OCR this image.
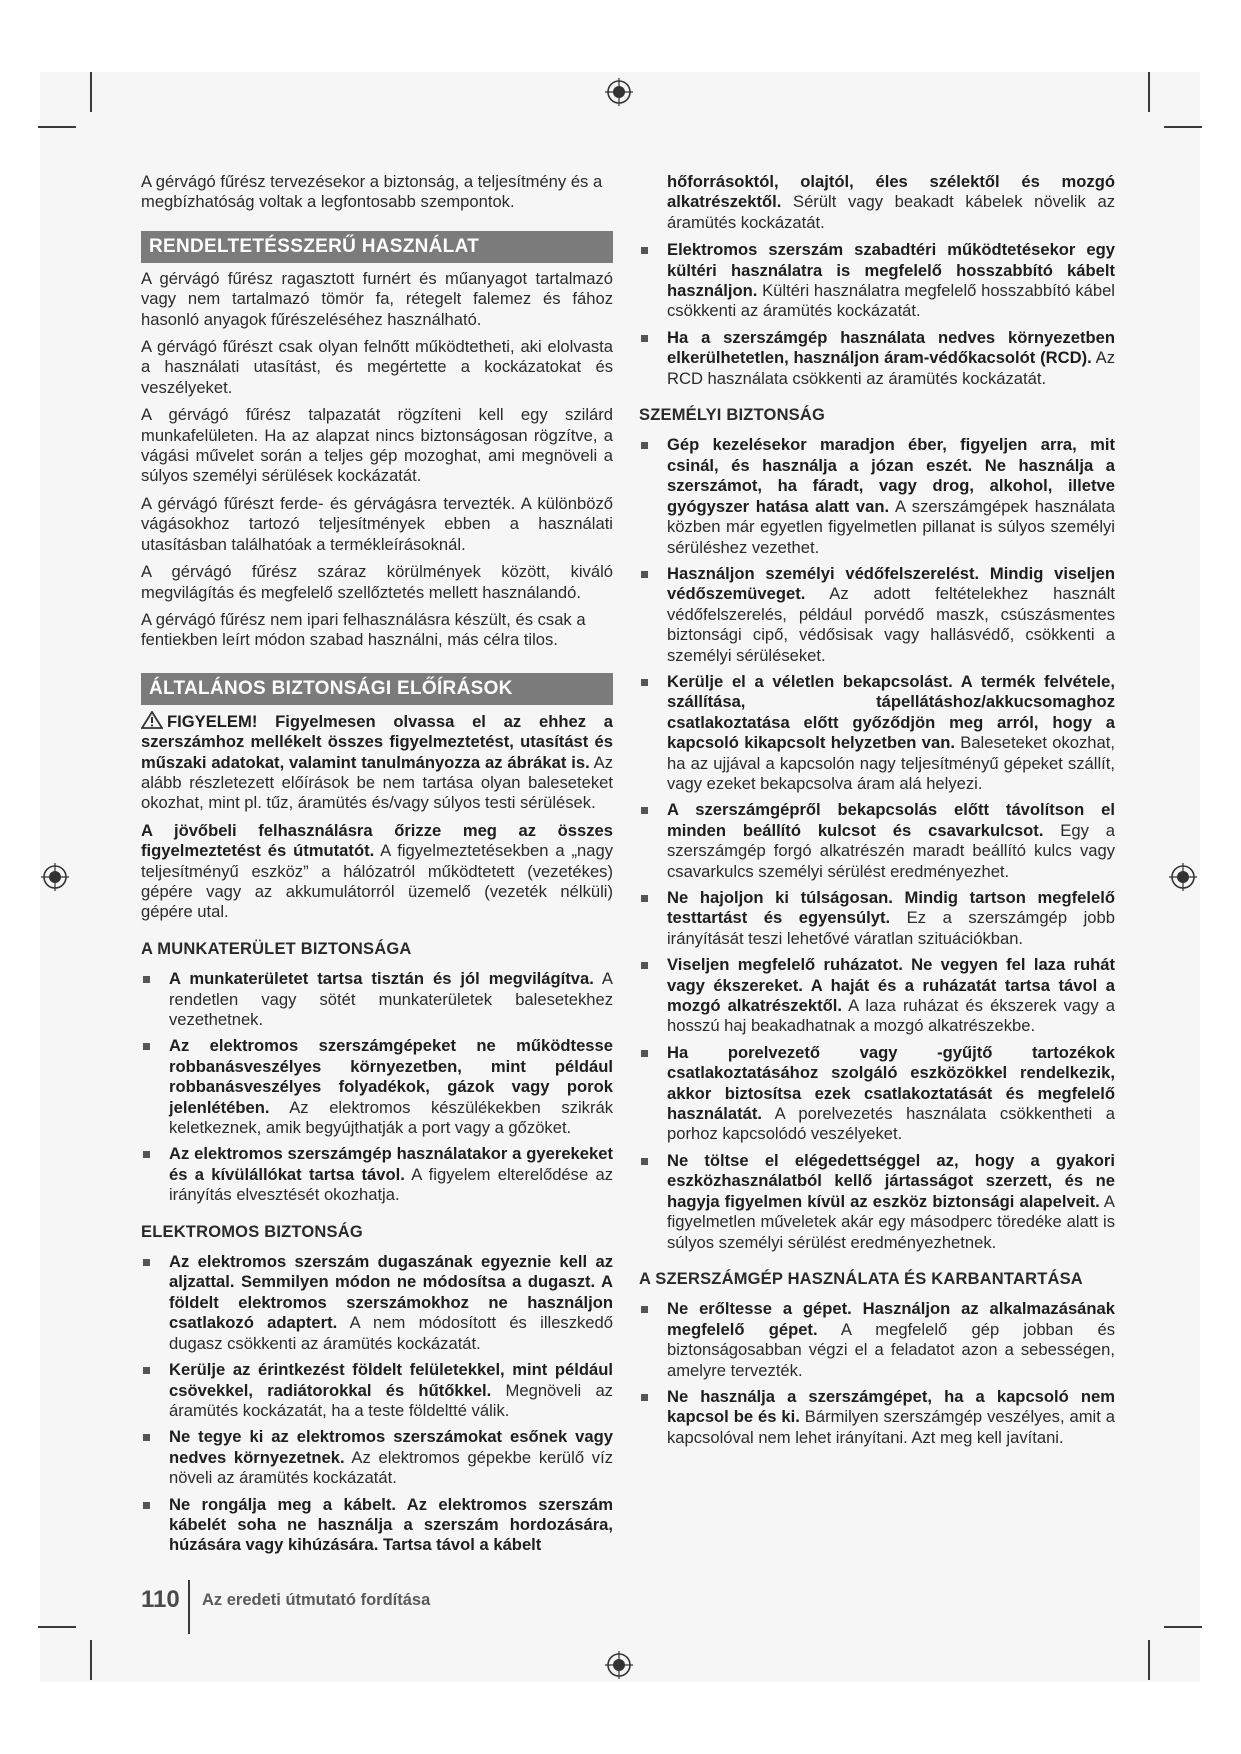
A gérvágó fűrész tervezésekor a biztonság, a teljesítmény és a megbízhatóság voltak a legfontosabb szempontok.

RENDELTETÉSSZERŰ HASZNÁLAT

A gérvágó fűrész ragasztott furnért és műanyagot tartalmazó vagy nem tartalmazó tömör fa, rétegelt falemez és fához hasonló anyagok fűrészeléséhez használható.

A gérvágó fűrészt csak olyan felnőtt működtetheti, aki elolvasta a használati utasítást, és megértette a kockázatokat és veszélyeket.

A gérvágó fűrész talpazatát rögzíteni kell egy szilárd munkafelületen. Ha az alapzat nincs biztonságosan rögzítve, a vágási művelet során a teljes gép mozoghat, ami megnöveli a súlyos személyi sérülések kockázatát.

A gérvágó fűrészt ferde- és gérvágásra tervezték. A különböző vágásokhoz tartozó teljesítmények ebben a használati utasításban találhatóak a termékleírásoknál.

A gérvágó fűrész száraz körülmények között, kiváló megvilágítás és megfelelő szellőztetés mellett használandó.

A gérvágó fűrész nem ipari felhasználásra készült, és csak a fentiekben leírt módon szabad használni, más célra tilos.

ÁLTALÁNOS BIZTONSÁGI ELŐÍRÁSOK

FIGYELEM! Figyelmesen olvassa el az ehhez a szerszámhoz mellékelt összes figyelmeztetést, utasítást és műszaki adatokat, valamint tanulmányozza az ábrákat is. Az alább részletezett előírások be nem tartása olyan baleseteket okozhat, mint pl. tűz, áramütés és/vagy súlyos testi sérülések.

A jövőbeli felhasználásra őrizze meg az összes figyelmeztetést és útmutatót. A figyelmeztetésekben a „nagy teljesítményű eszköz” a hálózatról működtetett (vezetékes) gépére vagy az akkumulátorról üzemelő (vezeték nélküli) gépére utal.

A MUNKATERÜLET BIZTONSÁGA
A munkaterületet tartsa tisztán és jól megvilágítva. A rendetlen vagy sötét munkaterületek balesetekhez vezethetnek.
Az elektromos szerszámgépeket ne működtesse robbanásveszélyes környezetben, mint például robbanásveszélyes folyadékok, gázok vagy porok jelenlétében. Az elektromos készülékekben szikrák keletkeznek, amik begyújthatják a port vagy a gőzöket.
Az elektromos szerszámgép használatakor a gyerekeket és a kívülállókat tartsa távol. A figyelem elterelődése az irányítás elvesztését okozhatja.
ELEKTROMOS BIZTONSÁG
Az elektromos szerszám dugaszának egyeznie kell az aljzattal. Semmilyen módon ne módosítsa a dugaszt. A földelt elektromos szerszámokhoz ne használjon csatlakozó adaptert. A nem módosított és illeszkedő dugasz csökkenti az áramütés kockázatát.
Kerülje az érintkezést földelt felületekkel, mint például csövekkel, radiátorokkal és hűtőkkel. Megnöveli az áramütés kockázatát, ha a teste földeltté válik.
Ne tegye ki az elektromos szerszámokat esőnek vagy nedves környezetnek. Az elektromos gépekbe kerülő víz növeli az áramütés kockázatát.
Ne rongálja meg a kábelt. Az elektromos szerszám kábelét soha ne használja a szerszám hordozására, húzására vagy kihúzására. Tartsa távol a kábelt

hőforrásoktól, olajtól, éles szélektől és mozgó alkatrészektől. Sérült vagy beakadt kábelek növelik az áramütés kockázatát.

Elektromos szerszám szabadtéri működtetésekor egy kültéri használatra is megfelelő hosszabbító kábelt használjon. Kültéri használatra megfelelő hosszabbító kábel csökkenti az áramütés kockázatát.
Ha a szerszámgép használata nedves környezetben elkerülhetetlen, használjon áram-védőkacsolót (RCD). Az RCD használata csökkenti az áramütés kockázatát.
SZEMÉLYI BIZTONSÁG
Gép kezelésekor maradjon éber, figyeljen arra, mit csinál, és használja a józan eszét. Ne használja a szerszámot, ha fáradt, vagy drog, alkohol, illetve gyógyszer hatása alatt van. A szerszámgépek használata közben már egyetlen figyelmetlen pillanat is súlyos személyi sérüléshez vezethet.
Használjon személyi védőfelszerelést. Mindig viseljen védőszemüveget. Az adott feltételekhez használt védőfelszerelés, például porvédő maszk, csúszásmentes biztonsági cipő, védősisak vagy hallásvédő, csökkenti a személyi sérüléseket.
Kerülje el a véletlen bekapcsolást. A termék felvétele, szállítása, tápellátáshoz/akkucsomaghoz csatlakoztatása előtt győződjön meg arról, hogy a kapcsoló kikapcsolt helyzetben van. Baleseteket okozhat, ha az ujjával a kapcsolón nagy teljesítményű gépeket szállít, vagy ezeket bekapcsolva áram alá helyezi.
A szerszámgépről bekapcsolás előtt távolítson el minden beállító kulcsot és csavarkulcsot. Egy a szerszámgép forgó alkatrészén maradt beállító kulcs vagy csavarkulcs személyi sérülést eredményezhet.
Ne hajoljon ki túlságosan. Mindig tartson megfelelő testtartást és egyensúlyt. Ez a szerszámgép jobb irányítását teszi lehetővé váratlan szituációkban.
Viseljen megfelelő ruházatot. Ne vegyen fel laza ruhát vagy ékszereket. A haját és a ruházatát tartsa távol a mozgó alkatrészektől. A laza ruházat és ékszerek vagy a hosszú haj beakadhatnak a mozgó alkatrészekbe.
Ha porelvezető vagy -gyűjtő tartozékok csatlakoztatásához szolgáló eszközökkel rendelkezik, akkor biztosítsa ezek csatlakoztatását és megfelelő használatát. A porelvezetés használata csökkentheti a porhoz kapcsolódó veszélyeket.
Ne töltse el elégedettséggel az, hogy a gyakori eszközhasználatból kellő jártasságot szerzett, és ne hagyja figyelmen kívül az eszköz biztonsági alapelveit. A figyelmetlen műveletek akár egy másodperc töredéke alatt is súlyos személyi sérülést eredményezhetnek.
A SZERSZÁMGÉP HASZNÁLATA ÉS KARBANTARTÁSA
Ne erőltesse a gépet. Használjon az alkalmazásának megfelelő gépet. A megfelelő gép jobban és biztonságosabban végzi el a feladatot azon a sebességen, amelyre tervezték.
Ne használja a szerszámgépet, ha a kapcsoló nem kapcsol be és ki. Bármilyen szerszámgép veszélyes, amit a kapcsolóval nem lehet irányítani. Azt meg kell javítani.
110 Az eredeti útmutató fordítása
